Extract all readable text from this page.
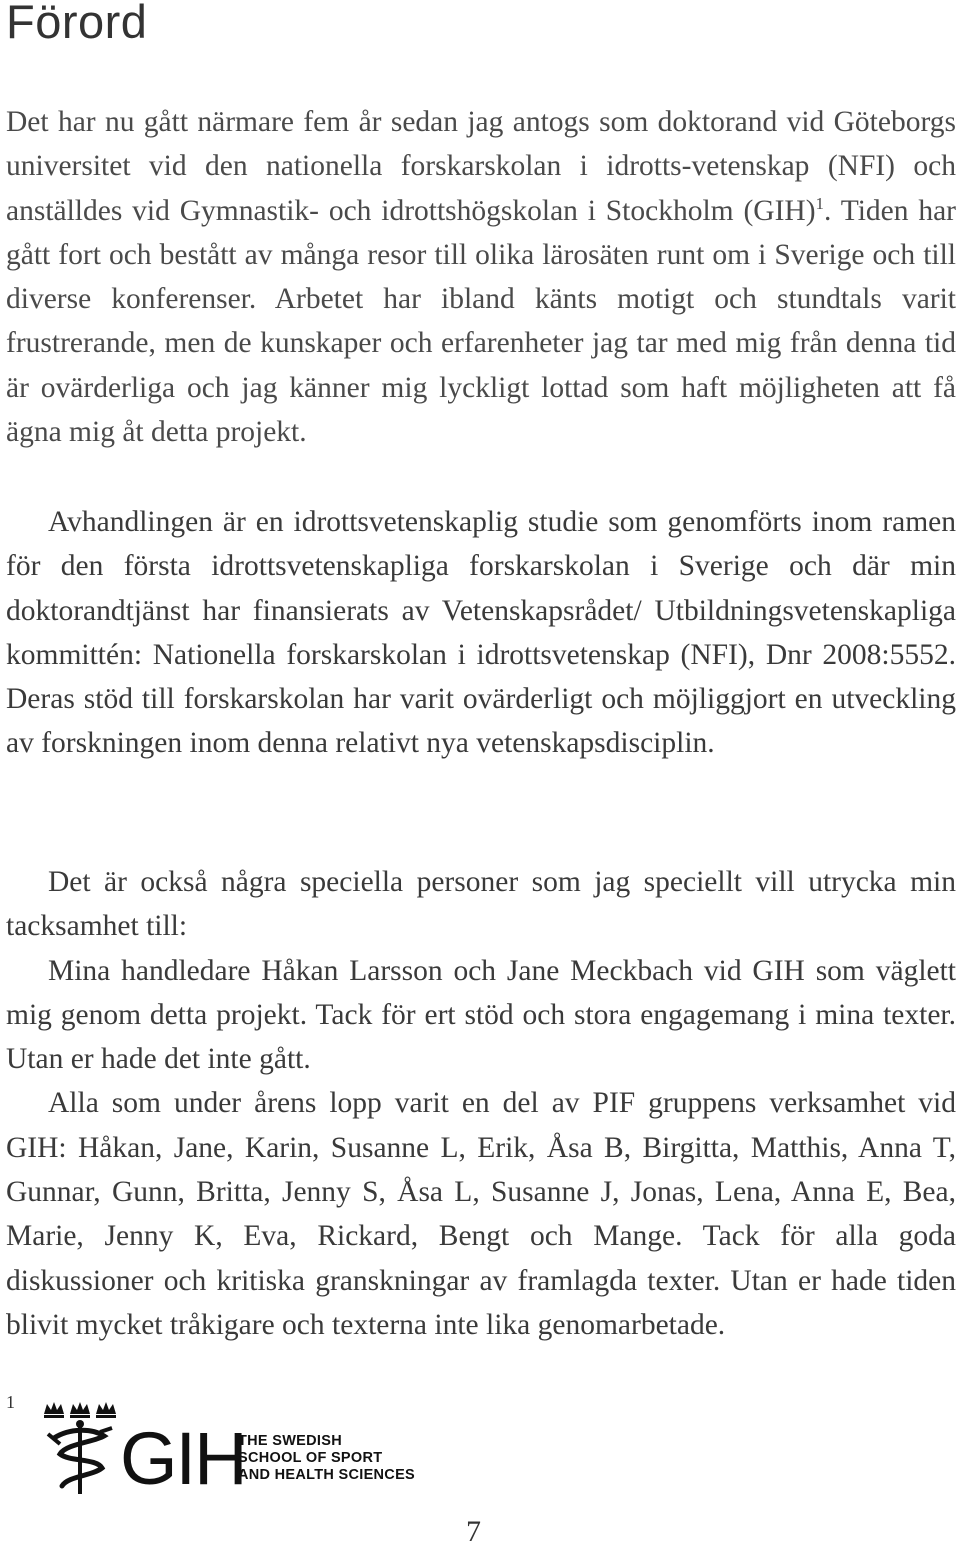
Förord

Det har nu gått närmare fem år sedan jag antogs som doktorand vid Göteborgs universitet vid den nationella forskarskolan i idrotts-vetenskap (NFI) och anställdes vid Gymnastik- och idrottshögskolan i Stockholm (GIH)$^1$. Tiden har gått fort och bestått av många resor till olika lärosäten runt om i Sverige och till diverse konferenser. Arbetet har ibland känts motigt och stundtals varit frustrerande, men de kunskaper och erfarenheter jag tar med mig från denna tid är ovärderliga och jag känner mig lyckligt lottad som haft möjligheten att få ägna mig åt detta projekt.

Avhandlingen är en idrottsvetenskaplig studie som genomförts inom ramen för den första idrottsvetenskapliga forskarskolan i Sverige och där min doktorandtjänst har finansierats av Vetenskapsrådet/ Utbildningsvetenskapliga kommittén: Nationella forskarskolan i idrottsvetenskap (NFI), Dnr 2008:5552. Deras stöd till forskarskolan har varit ovärderligt och möjliggjort en utveckling av forskningen inom denna relativt nya vetenskapsdisciplin.

Det är också några speciella personer som jag speciellt vill utrycka min tacksamhet till:

Mina handledare Håkan Larsson och Jane Meckbach vid GIH som väglett mig genom detta projekt. Tack för ert stöd och stora engagemang i mina texter. Utan er hade det inte gått.

Alla som under årens lopp varit en del av PIF gruppens verksamhet vid GIH: Håkan, Jane, Karin, Susanne L, Erik, Åsa B, Birgitta, Matthis, Anna T, Gunnar, Gunn, Britta, Jenny S, Åsa L, Susanne J, Jonas, Lena, Anna E, Bea, Marie, Jenny K, Eva, Rickard, Bengt och Mange. Tack för alla goda diskussioner och kritiska granskningar av framlagda texter. Utan er hade tiden blivit mycket tråkigare och texterna inte lika genomarbetade.

1
GIH

THE SWEDISH
SCHOOL OF SPORT
AND HEALTH SCIENCES

7
